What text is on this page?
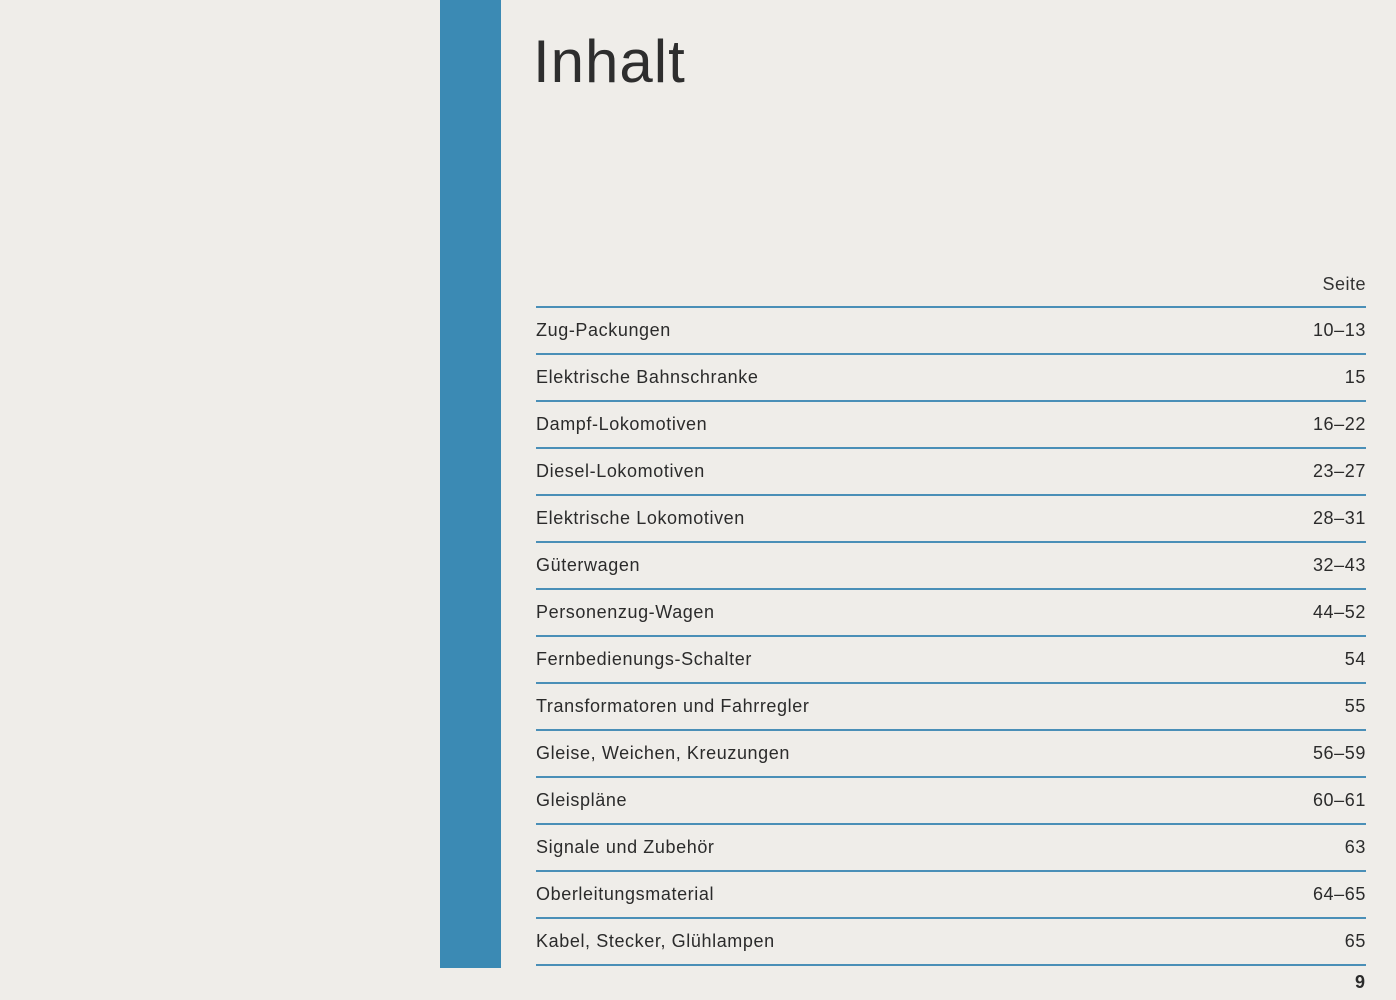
Inhalt
Seite
Zug-Packungen	10–13
Elektrische Bahnschranke	15
Dampf-Lokomotiven	16–22
Diesel-Lokomotiven	23–27
Elektrische Lokomotiven	28–31
Güterwagen	32–43
Personenzug-Wagen	44–52
Fernbedienungs-Schalter	54
Transformatoren und Fahrregler	55
Gleise, Weichen, Kreuzungen	56–59
Gleispläne	60–61
Signale und Zubehör	63
Oberleitungsmaterial	64–65
Kabel, Stecker, Glühlampen	65
9
